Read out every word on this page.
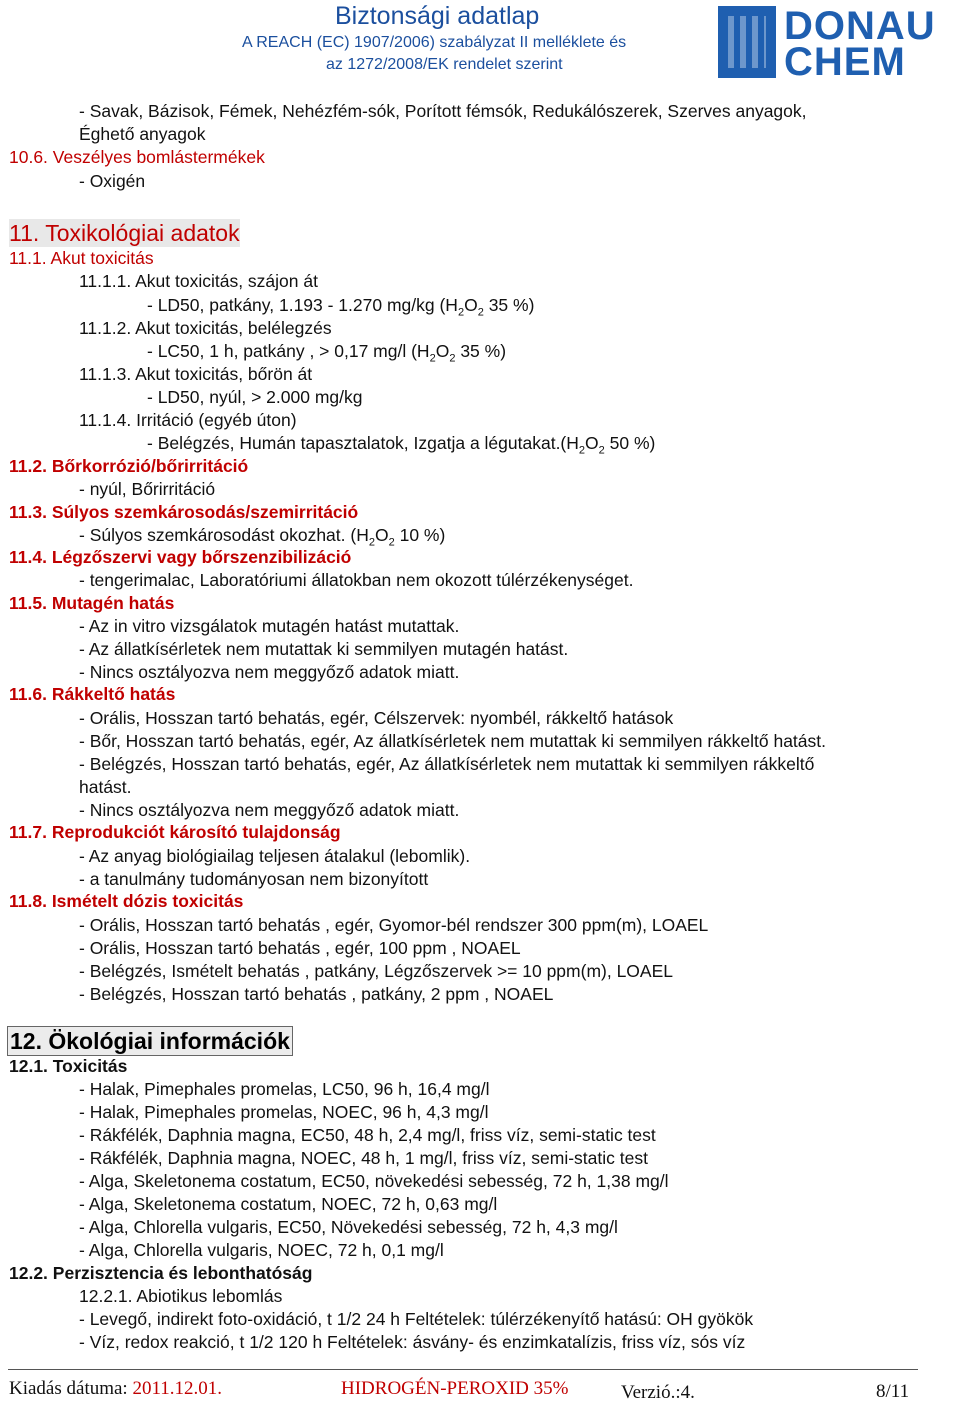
Biztonsági adatlap
A REACH (EC) 1907/2006) szabályzat II melléklete és
az 1272/2008/EK rendelet szerint
DONAU
CHEM
- Savak, Bázisok, Fémek, Nehézfém-sók, Porított fémsók, Redukálószerek, Szerves anyagok,
Éghető anyagok
10.6. Veszélyes bomlástermékek
- Oxigén
11. Toxikológiai adatok
11.1. Akut toxicitás
11.1.1. Akut toxicitás, szájon át
- LD50, patkány, 1.193 - 1.270 mg/kg ($H_2O_2$ 35 %)
11.1.2. Akut toxicitás, belélegzés
- LC50, 1 h, patkány , > 0,17 mg/l ($H_2O_2$ 35 %)
11.1.3. Akut toxicitás, bőrön át
- LD50, nyúl, > 2.000 mg/kg
11.1.4. Irritáció (egyéb úton)
- Belégzés, Humán tapasztalatok, Izgatja a $légutakat.(H_2O_2$ 50 %)
11.2. Bőrkorrózió/bőrirritáció
- nyúl, Bőrirritáció
11.3. Súlyos szemkárosodás/szemirritáció
- Súlyos szemkárosodást okozhat. ($H_2O_2$ 10 %)
11.4. Légzőszervi vagy bőrszenzibilizáció
- tengerimalac, Laboratóriumi állatokban nem okozott túlérzékenységet.
11.5. Mutagén hatás
- Az in vitro vizsgálatok mutagén hatást mutattak.
- Az állatkísérletek nem mutattak ki semmilyen mutagén hatást.
- Nincs osztályozva nem meggyőző adatok miatt.
11.6. Rákkeltő hatás
- Orális, Hosszan tartó behatás, egér, Célszervek: nyombél, rákkeltő hatások
- Bőr, Hosszan tartó behatás, egér, Az állatkísérletek nem mutattak ki semmilyen rákkeltő hatást.
- Belégzés, Hosszan tartó behatás, egér, Az állatkísérletek nem mutattak ki semmilyen rákkeltő
hatást.
- Nincs osztályozva nem meggyőző adatok miatt.
11.7. Reprodukciót károsító tulajdonság
- Az anyag biológiailag teljesen átalakul (lebomlik).
- a tanulmány tudományosan nem bizonyított
11.8. Ismételt dózis toxicitás
- Orális, Hosszan tartó behatás , egér, Gyomor-bél rendszer 300 ppm(m), LOAEL
- Orális, Hosszan tartó behatás , egér, 100 ppm , NOAEL
- Belégzés, Ismételt behatás , patkány, Légzőszervek >= 10 ppm(m), LOAEL
- Belégzés, Hosszan tartó behatás , patkány, 2 ppm , NOAEL
12. Ökológiai információk
12.1. Toxicitás
- Halak, Pimephales promelas, LC50, 96 h, 16,4 mg/l
- Halak, Pimephales promelas, NOEC, 96 h, 4,3 mg/l
- Rákfélék, Daphnia magna, EC50, 48 h, 2,4 mg/l, friss víz, semi-static test
- Rákfélék, Daphnia magna, NOEC, 48 h, 1 mg/l, friss víz, semi-static test
- Alga, Skeletonema costatum, EC50, növekedési sebesség, 72 h, 1,38 mg/l
- Alga, Skeletonema costatum, NOEC, 72 h, 0,63 mg/l
- Alga, Chlorella vulgaris, EC50, Növekedési sebesség, 72 h, 4,3 mg/l
- Alga, Chlorella vulgaris, NOEC, 72 h, 0,1 mg/l
12.2. Perzisztencia és lebonthatóság
12.2.1. Abiotikus lebomlás
- Levegő, indirekt foto-oxidáció, t 1/2 24 h Feltételek: túlérzékenyítő hatású: OH gyökök
- Víz, redox reakció, t 1/2 120 h Feltételek: ásvány- és enzimkatalízis, friss víz, sós víz
Kiadás dátuma: 2011.12.01.	HIDROGÉN-PEROXID 35%	Verzió.:4.	8/11
